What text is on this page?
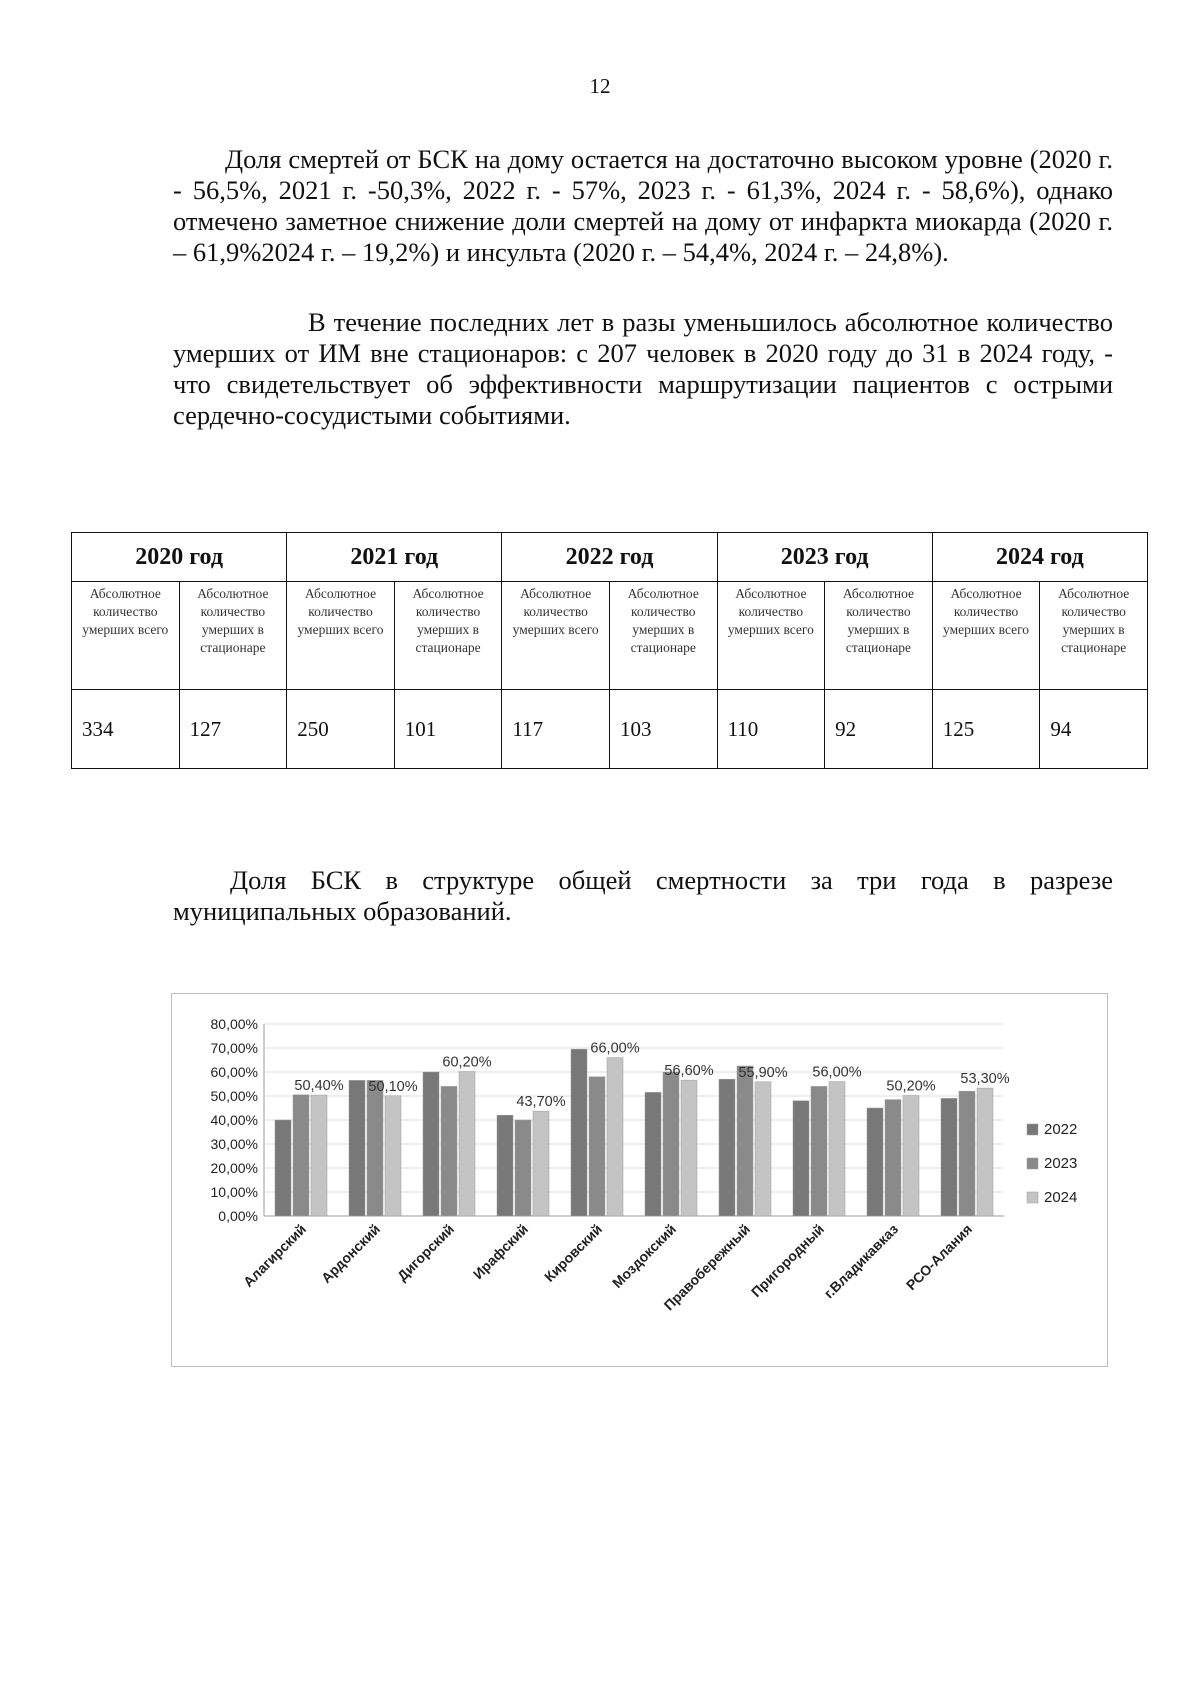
12
Доля смертей от БСК на дому остается на достаточно высоком уровне (2020 г. - 56,5%, 2021 г. -50,3%, 2022 г. - 57%, 2023 г. - 61,3%, 2024 г. - 58,6%), однако отмечено заметное снижение доли смертей на дому от инфаркта миокарда (2020 г. – 61,9%2024 г. – 19,2%) и инсульта (2020 г. – 54,4%, 2024 г. – 24,8%).
В течение последних лет в разы уменьшилось абсолютное количество умерших от ИМ вне стационаров: с 207 человек в 2020 году до 31 в 2024 году, - что свидетельствует об эффективности маршрутизации пациентов с острыми сердечно-сосудистыми событиями.
2020 год		2021 год		2022 год		2023 год		2024 год	
Абсолютное количество умерших всего	Абсолютное количество умерших в стационаре	Абсолютное количество умерших всего	Абсолютное количество умерших в стационаре	Абсолютное количество умерших всего	Абсолютное количество умерших в стационаре	Абсолютное количество умерших всего	Абсолютное количество умерших в стационаре	Абсолютное количество умерших всего	Абсолютное количество умерших в стационаре
334	127	250	101	117	103	110	92	125	94
Доля БСК в структуре общей смертности за три года в разрезе муниципальных образований.
0,00%
10,00%
20,00%
30,00%
40,00%
50,00%
60,00%
70,00%
80,00%
50,40%
Алагирский
50,10%
Ардонский
60,20%
Дигорский
43,70%
Ирафский
66,00%
Кировский
56,60%
Моздокский
55,90%
Правобережный
56,00%
Пригородный
50,20%
г.Владикавказ
53,30%
РСО-Алания
2022
2023
2024
